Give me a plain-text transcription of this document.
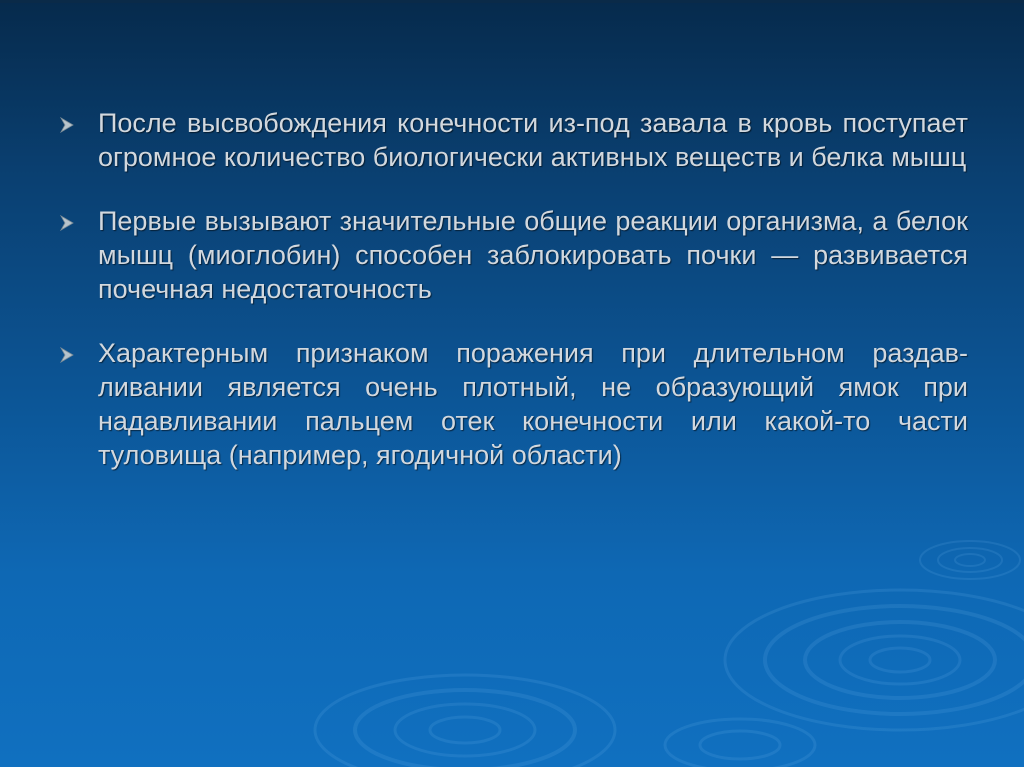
После высвобождения конечности из-под завала в кровь поступает огромное количество биологически активных веществ и белка мышц
Первые вызывают значительные общие реакции организма, а белок мышц (миоглобин) способен заблокировать почки — развивается почечная недостаточность
Характерным признаком поражения при длительном раздав-ливании является очень плотный, не образующий ямок при надавливании пальцем отек конечности или какой-то части туловища (например, ягодичной области)
